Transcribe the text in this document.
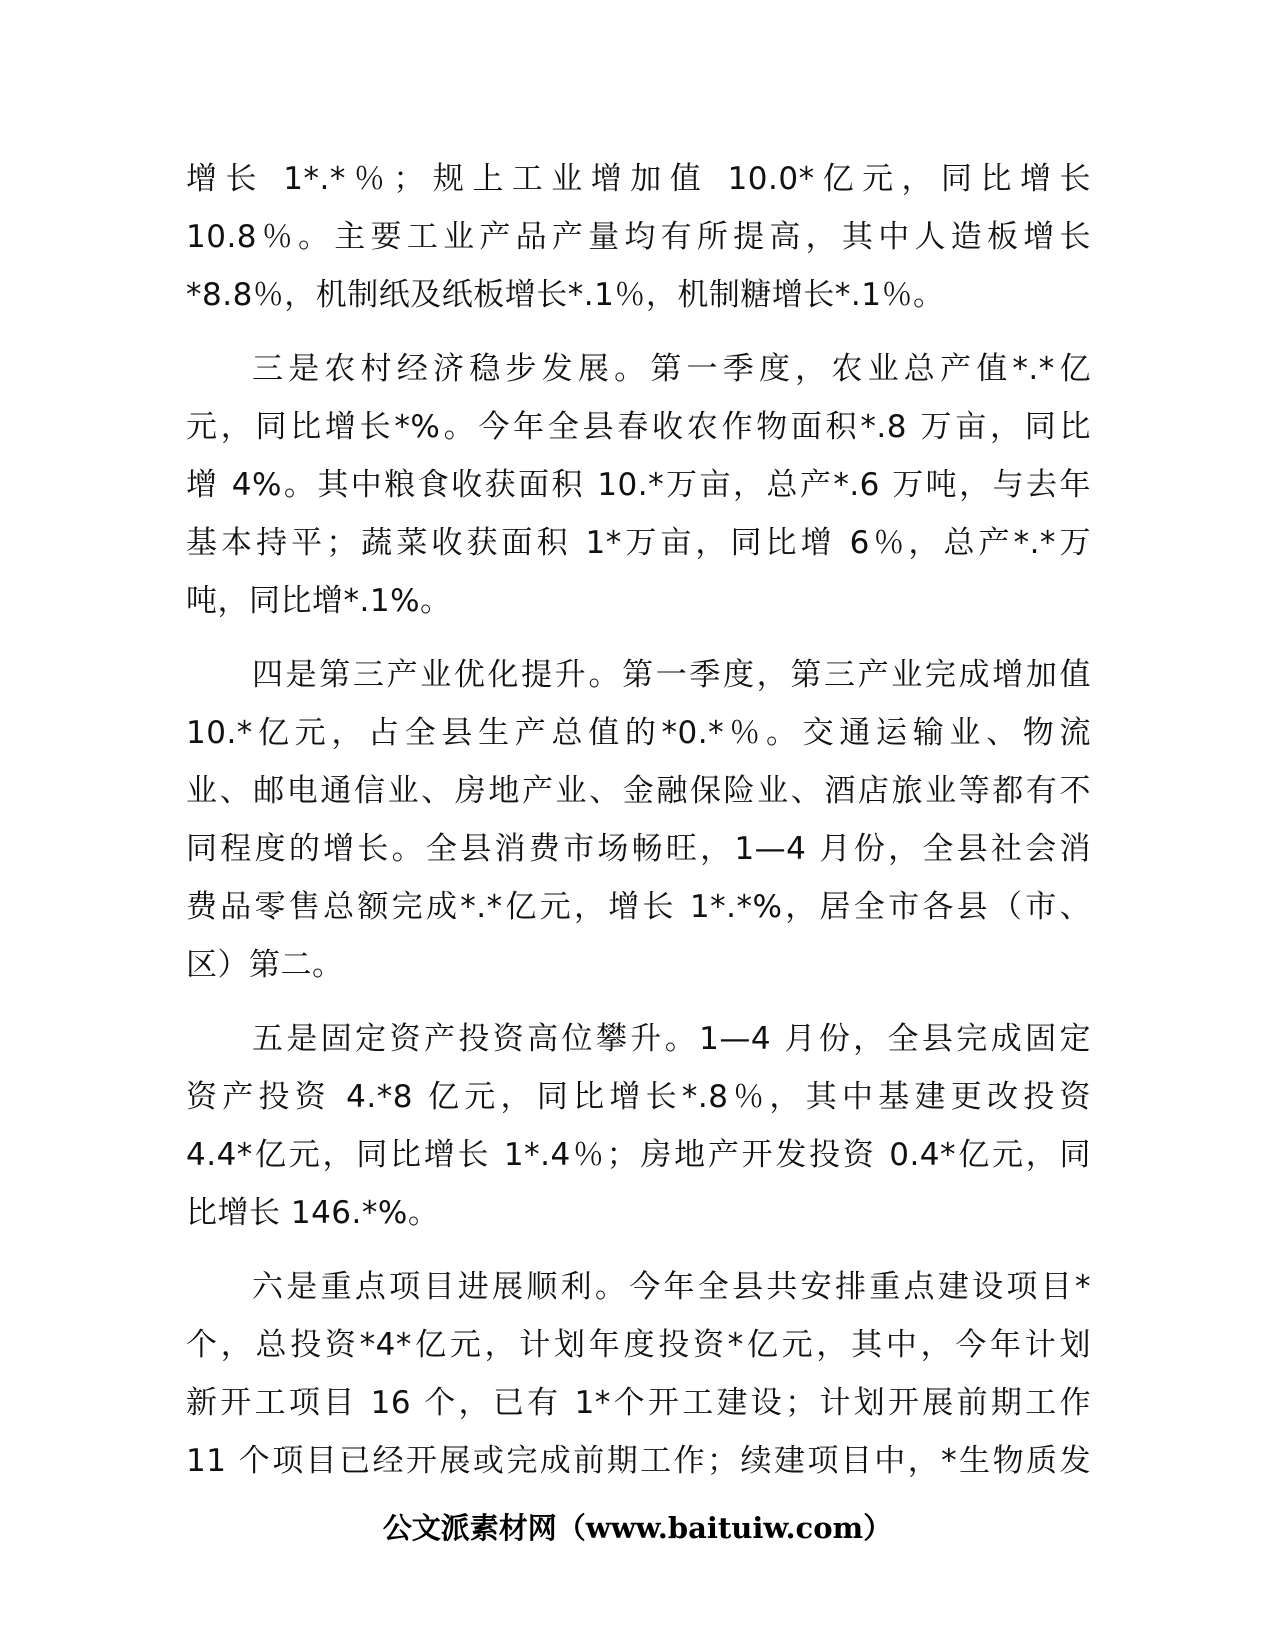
增长 1*.*％；规上工业增加值 10.0*亿元，同比增长
10.8％。主要工业产品产量均有所提高，其中人造板增长
*8.8％，机制纸及纸板增长*.1％，机制糖增长*.1％。
三是农村经济稳步发展。第一季度，农业总产值*.*亿
元，同比增长*%。今年全县春收农作物面积*.8 万亩，同比
增 4%。其中粮食收获面积 10.*万亩，总产*.6 万吨，与去年
基本持平；蔬菜收获面积 1*万亩，同比增 6％，总产*.*万
吨，同比增*.1%。
四是第三产业优化提升。第一季度，第三产业完成增加值
10.*亿元，占全县生产总值的*0.*％。交通运输业、物流
业、邮电通信业、房地产业、金融保险业、酒店旅业等都有不
同程度的增长。全县消费市场畅旺，1—4 月份，全县社会消
费品零售总额完成*.*亿元，增长 1*.*%，居全市各县（市、
区）第二。
五是固定资产投资高位攀升。1—4 月份，全县完成固定
资产投资 4.*8 亿元，同比增长*.8％，其中基建更改投资
4.4*亿元，同比增长 1*.4％；房地产开发投资 0.4*亿元，同
比增长 146.*%。
六是重点项目进展顺利。今年全县共安排重点建设项目*
个，总投资*4*亿元，计划年度投资*亿元，其中，今年计划
新开工项目 16 个，已有 1*个开工建设；计划开展前期工作
11 个项目已经开展或完成前期工作；续建项目中，*生物质发
公文派素材网（www.baituiw.com）
